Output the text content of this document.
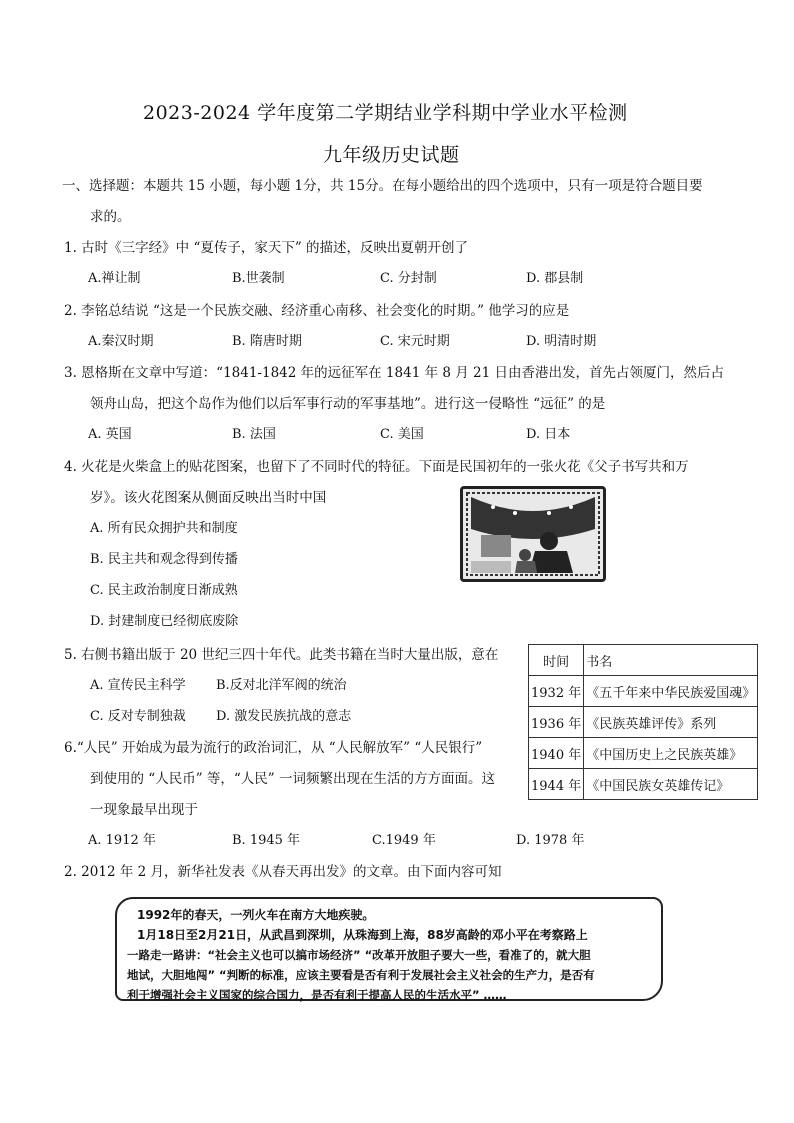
2023-2024 学年度第二学期结业学科期中学业水平检测
九年级历史试题
一、选择题：本题共 15 小题，每小题 1分，共 15分。在每小题给出的四个选项中，只有一项是符合题目要
求的。
1. 古时《三字经》中 “夏传子，家天下” 的描述，反映出夏朝开创了
A.禅让制	B.世袭制	C. 分封制	D. 郡县制
2. 李铭总结说 “这是一个民族交融、经济重心南移、社会变化的时期。” 他学习的应是
A.秦汉时期	B. 隋唐时期	C. 宋元时期	D. 明清时期
3. 恩格斯在文章中写道：“1841-1842 年的远征军在 1841 年 8 月 21 日由香港出发，首先占领厦门，然后占
领舟山岛，把这个岛作为他们以后军事行动的军事基地”。进行这一侵略性 “远征” 的是
A. 英国	B. 法国	C. 美国	D. 日本
4. 火花是火柴盒上的贴花图案，也留下了不同时代的特征。下面是民国初年的一张火花《父子书写共和万
岁》。该火花图案从侧面反映出当时中国
A. 所有民众拥护共和制度
B. 民主共和观念得到传播
C. 民主政治制度日渐成熟
D. 封建制度已经彻底废除
5. 右侧书籍出版于 20 世纪三四十年代。此类书籍在当时大量出版，意在
A. 宣传民主科学 B.反对北洋军阀的统治
C. 反对专制独裁 D. 激发民族抗战的意志
时间	书名
1932 年	《五千年来中华民族爱国魂》
1936 年	《民族英雄评传》系列
1940 年	《中国历史上之民族英雄》
1944 年	《中国民族女英雄传记》
6.“人民” 开始成为最为流行的政治词汇，从 “人民解放军” “人民银行”
到使用的 “人民币” 等，“人民” 一词频繁出现在生活的方方面面。这
一现象最早出现于
A. 1912 年	B. 1945 年	C.1949 年	D. 1978 年
2. 2012 年 2 月，新华社发表《从春天再出发》的文章。由下面内容可知
1992年的春天，一列火车在南方大地疾驶。
1月18日至2月21日，从武昌到深圳，从珠海到上海，88岁高龄的邓小平在考察路上
一路走一路讲：“社会主义也可以搞市场经济” “改革开放胆子要大一些，看准了的，就大胆
地试，大胆地闯” “判断的标准，应该主要看是否有利于发展社会主义社会的生产力，是否有
利于增强社会主义国家的综合国力，是否有利于提高人民的生活水平” ……
